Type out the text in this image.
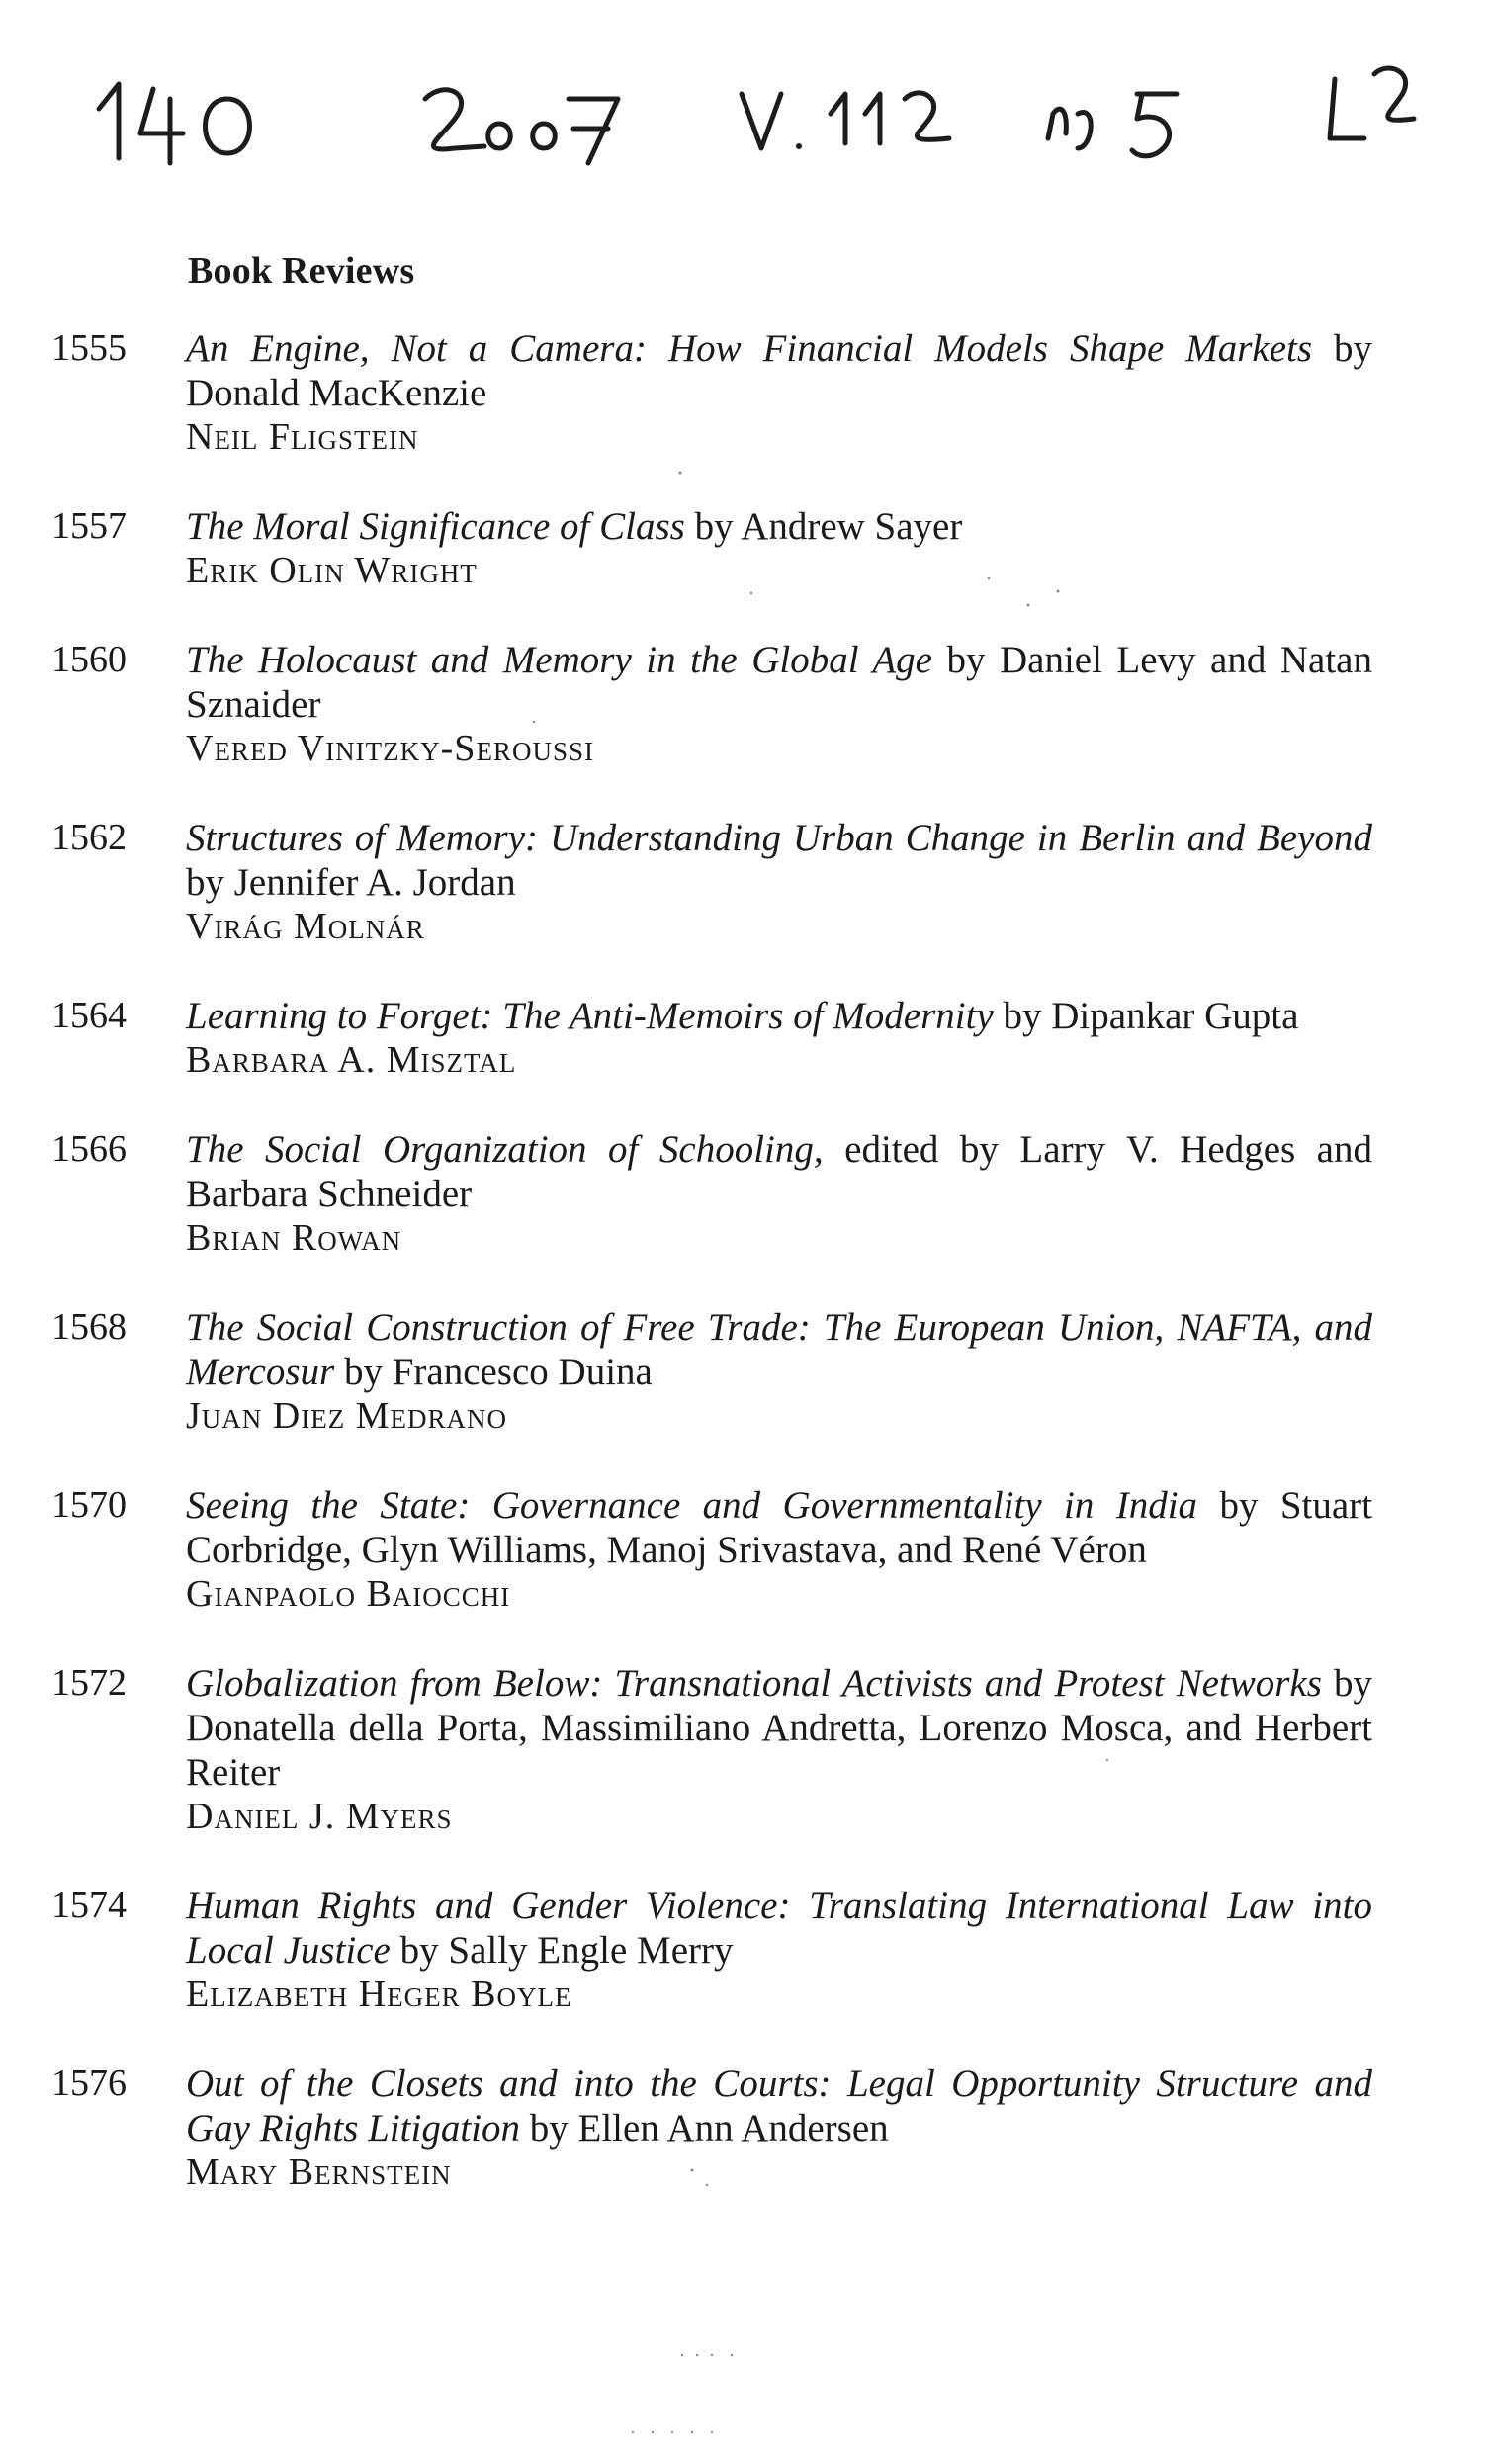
Book Reviews
1555	An Engine, Not a Camera: How Financial Models Shape Markets by Donald MacKenzie
Neil Fligstein
1557	The Moral Significance of Class by Andrew Sayer
Erik Olin Wright
1560	The Holocaust and Memory in the Global Age by Daniel Levy and Natan Sznaider
Vered Vinitzky-Seroussi
1562	Structures of Memory: Understanding Urban Change in Berlin and Beyond by Jennifer A. Jordan
Virág Molnár
1564	Learning to Forget: The Anti-Memoirs of Modernity by Dipankar Gupta
Barbara A. Misztal
1566	The Social Organization of Schooling, edited by Larry V. Hedges and Barbara Schneider
Brian Rowan
1568	The Social Construction of Free Trade: The European Union, NAFTA, and Mercosur by Francesco Duina
Juan Diez Medrano
1570	Seeing the State: Governance and Governmentality in India by Stuart Corbridge, Glyn Williams, Manoj Srivastava, and René Véron
Gianpaolo Baiocchi
1572	Globalization from Below: Transnational Activists and Protest Networks by Donatella della Porta, Massimiliano Andretta, Lorenzo Mosca, and Herbert Reiter
Daniel J. Myers
1574	Human Rights and Gender Violence: Translating International Law into Local Justice by Sally Engle Merry
Elizabeth Heger Boyle
1576	Out of the Closets and into the Courts: Legal Opportunity Structure and Gay Rights Litigation by Ellen Ann Andersen
Mary Bernstein
